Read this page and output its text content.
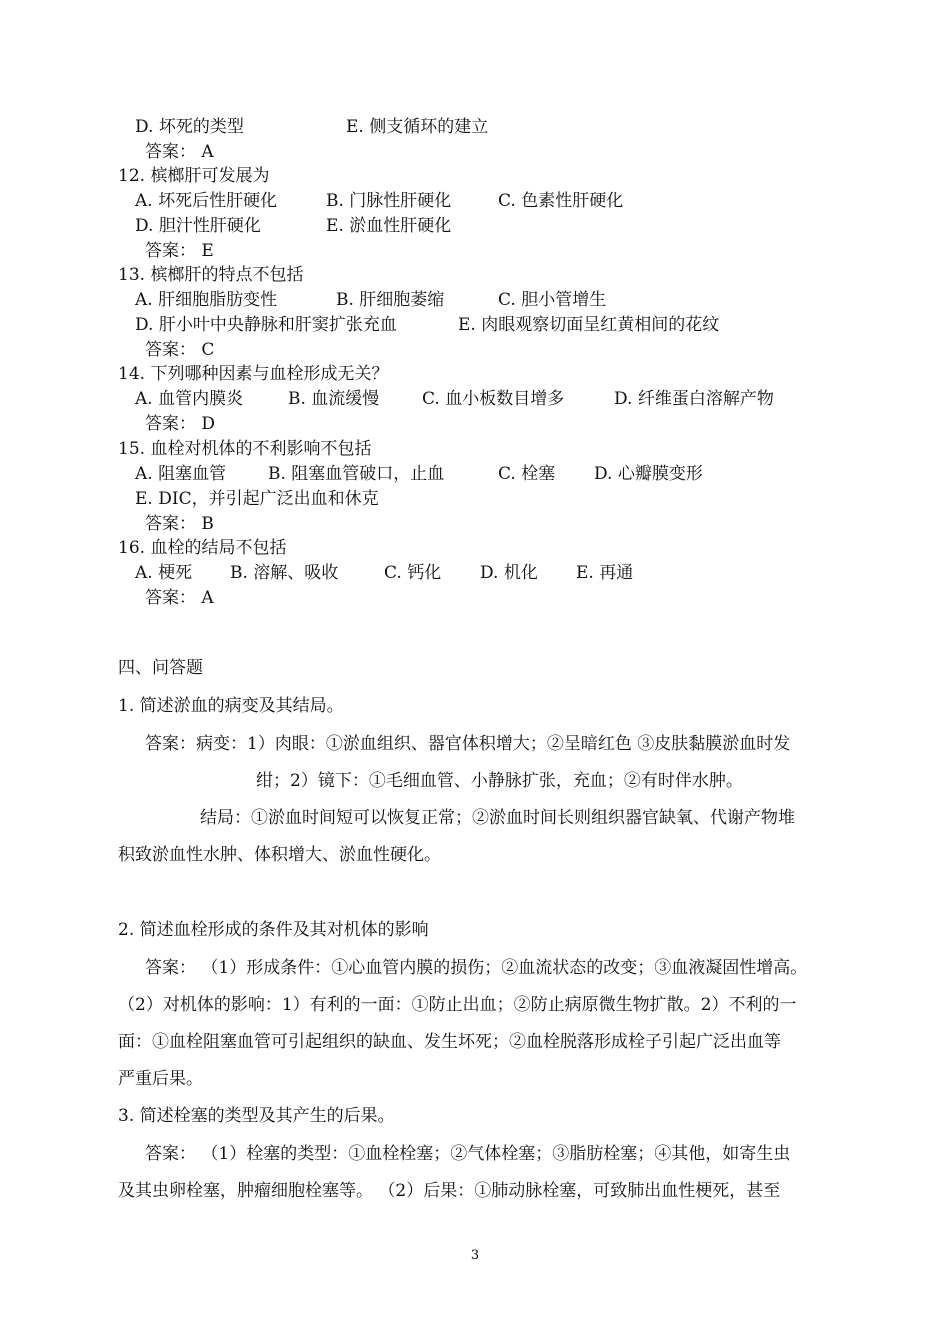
D. 坏死的类型	E. 侧支循环的建立
答案： A
12. 槟榔肝可发展为
A. 坏死后性肝硬化	B. 门脉性肝硬化	C. 色素性肝硬化
D. 胆汁性肝硬化	E. 淤血性肝硬化
答案： E
13. 槟榔肝的特点不包括
A. 肝细胞脂肪变性	B. 肝细胞萎缩	C. 胆小管增生
D. 肝小叶中央静脉和肝窦扩张充血	E. 肉眼观察切面呈红黄相间的花纹
答案： C
14. 下列哪种因素与血栓形成无关？
A. 血管内膜炎	B. 血流缓慢	C. 血小板数目增多	D. 纤维蛋白溶解产物
答案： D
15. 血栓对机体的不利影响不包括
A. 阻塞血管 B. 阻塞血管破口，止血	C. 栓塞 D. 心瓣膜变形
E. DIC，并引起广泛出血和休克
答案： B
16. 血栓的结局不包括
A. 梗死 B. 溶解、吸收	C. 钙化 D. 机化 E. 再通
答案： A
四、问答题
1. 简述淤血的病变及其结局。
答案：病变：1）肉眼：①淤血组织、器官体积增大；②呈暗红色 ③皮肤黏膜淤血时发
绀；2）镜下：①毛细血管、小静脉扩张，充血；②有时伴水肿。
结局：①淤血时间短可以恢复正常；②淤血时间长则组织器官缺氧、代谢产物堆
积致淤血性水肿、体积增大、淤血性硬化。
2. 简述血栓形成的条件及其对机体的影响
答案： （1）形成条件：①心血管内膜的损伤；②血流状态的改变；③血液凝固性增高。
（2）对机体的影响：1）有利的一面：①防止出血；②防止病原微生物扩散。2）不利的一
面：①血栓阻塞血管可引起组织的缺血、发生坏死；②血栓脱落形成栓子引起广泛出血等
严重后果。
3. 简述栓塞的类型及其产生的后果。
答案： （1）栓塞的类型：①血栓栓塞；②气体栓塞；③脂肪栓塞；④其他，如寄生虫
及其虫卵栓塞，肿瘤细胞栓塞等。 （2）后果：①肺动脉栓塞，可致肺出血性梗死，甚至
3
